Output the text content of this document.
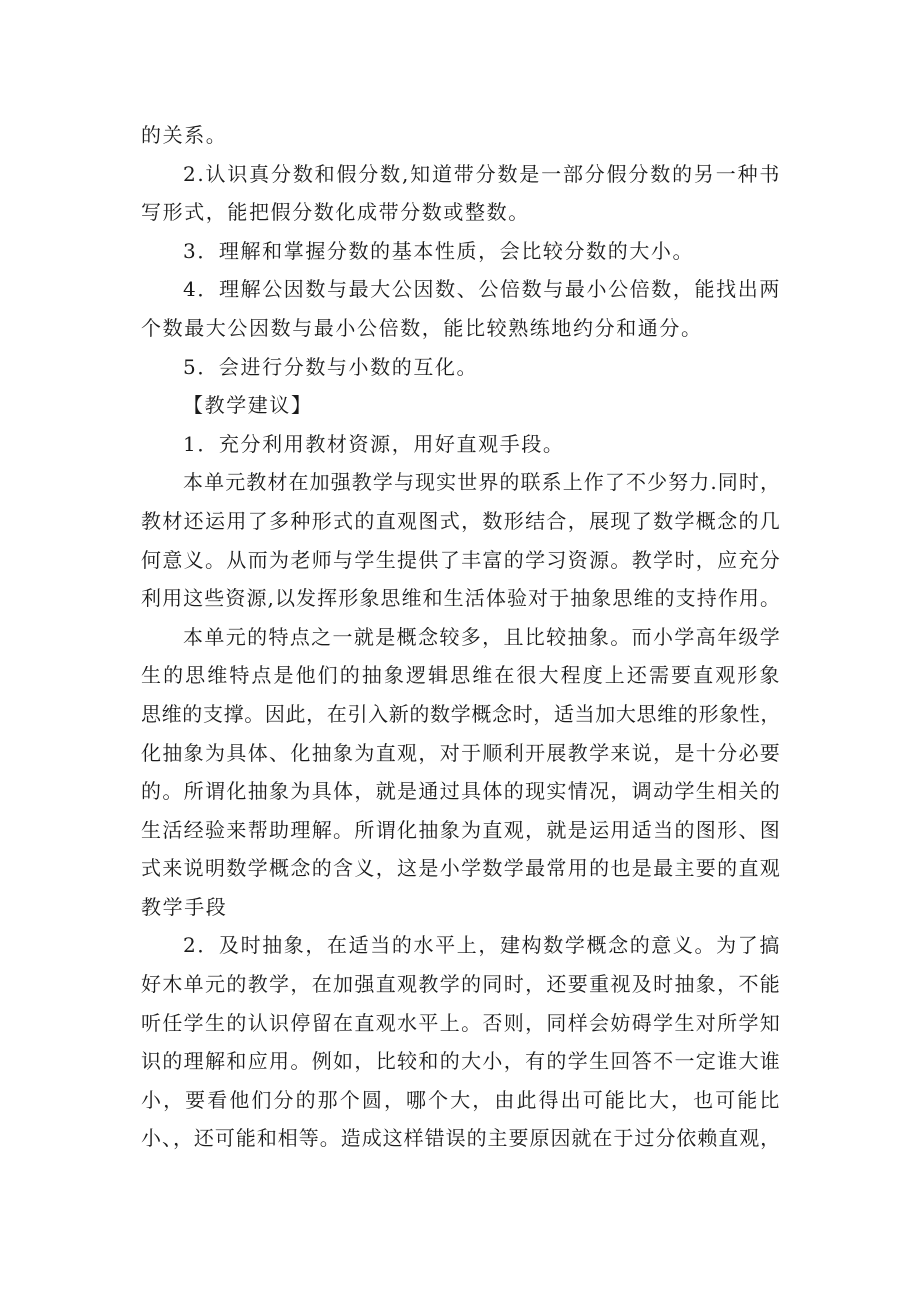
的关系。
2.认识真分数和假分数,知道带分数是一部分假分数的另一种书
写形式，能把假分数化成带分数或整数。
3．理解和掌握分数的基本性质，会比较分数的大小。
4．理解公因数与最大公因数、公倍数与最小公倍数，能找出两
个数最大公因数与最小公倍数，能比较熟练地约分和通分。
5．会进行分数与小数的互化。
【教学建议】
1．充分利用教材资源，用好直观手段。
本单元教材在加强教学与现实世界的联系上作了不少努力.同时，
教材还运用了多种形式的直观图式，数形结合，展现了数学概念的几
何意义。从而为老师与学生提供了丰富的学习资源。教学时，应充分
利用这些资源,以发挥形象思维和生活体验对于抽象思维的支持作用。
本单元的特点之一就是概念较多，且比较抽象。而小学高年级学
生的思维特点是他们的抽象逻辑思维在很大程度上还需要直观形象
思维的支撑。因此，在引入新的数学概念时，适当加大思维的形象性，
化抽象为具体、化抽象为直观，对于顺利开展教学来说，是十分必要
的。所谓化抽象为具体，就是通过具体的现实情况，调动学生相关的
生活经验来帮助理解。所谓化抽象为直观，就是运用适当的图形、图
式来说明数学概念的含义，这是小学数学最常用的也是最主要的直观
教学手段
2．及时抽象，在适当的水平上，建构数学概念的意义。为了搞
好木单元的教学，在加强直观教学的同时，还要重视及时抽象，不能
听任学生的认识停留在直观水平上。否则，同样会妨碍学生对所学知
识的理解和应用。例如，比较和的大小，有的学生回答不一定谁大谁
小，要看他们分的那个圆，哪个大，由此得出可能比大，也可能比
小、，还可能和相等。造成这样错误的主要原因就在于过分依赖直观，
